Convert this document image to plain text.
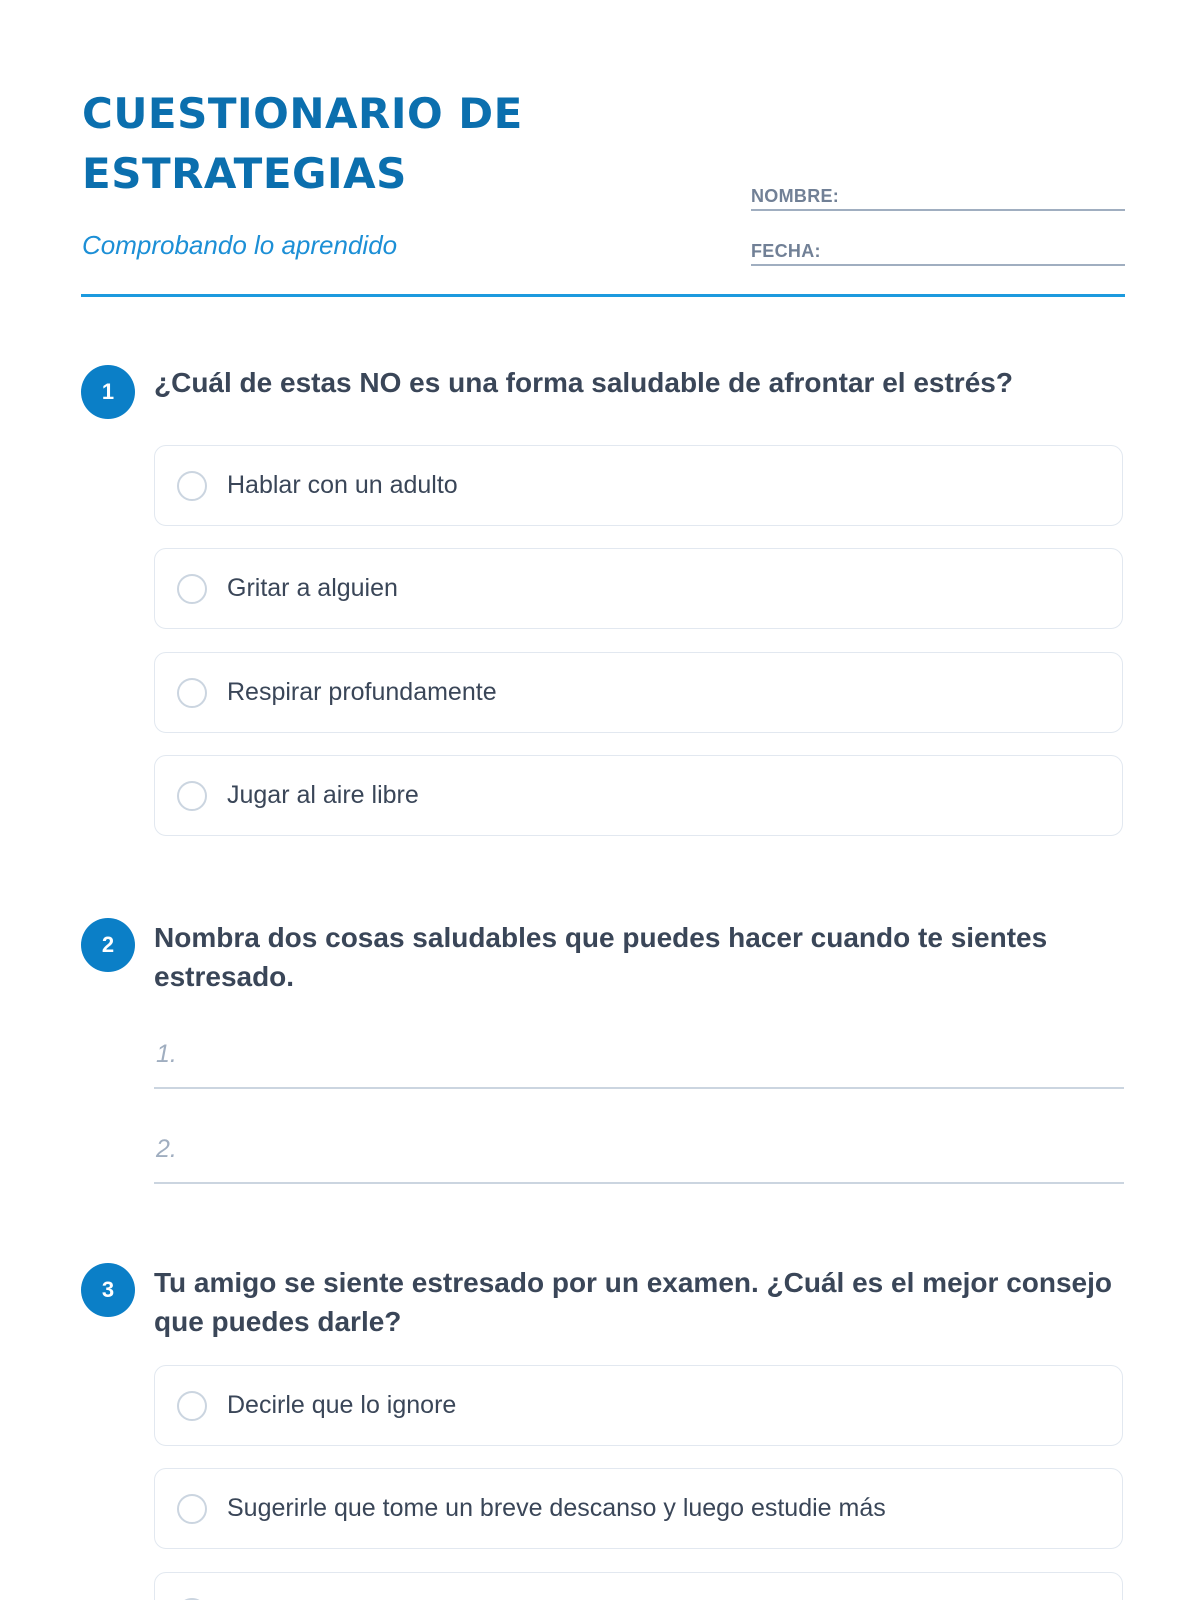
CUESTIONARIO DE
ESTRATEGIAS

Comprobando lo aprendido

NOMBRE:
FECHA:
1	¿Cuál de estas NO es una forma saludable de afrontar el estrés?

Hablar con un adulto
Gritar a alguien
Respirar profundamente
Jugar al aire libre
2	Nombra dos cosas saludables que puedes hacer cuando te sientes estresado.

1.
2.
3	Tu amigo se siente estresado por un examen. ¿Cuál es el mejor consejo que puedes darle?

Decirle que lo ignore
Sugerirle que tome un breve descanso y luego estudie más
